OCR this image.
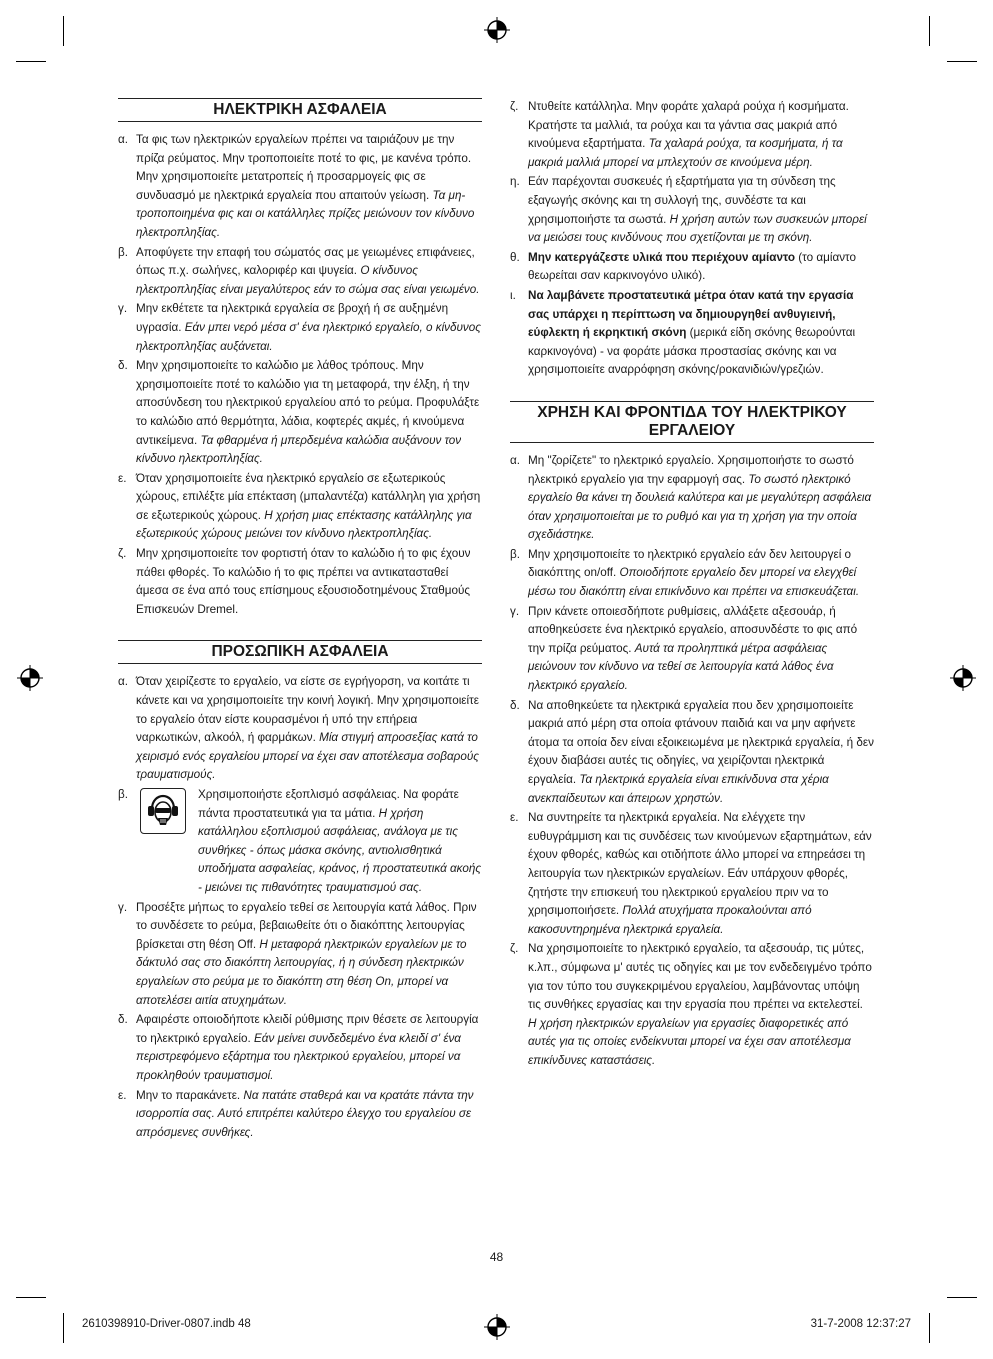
ΗΛΕΚΤΡΙΚΗ ΑΣΦΑΛΕΙΑ
α. Τα φις των ηλεκτρικών εργαλείων πρέπει να ταιριάζουν με την πρίζα ρεύματος. Μην τροποποιείτε ποτέ το φις, με κανένα τρόπο. Μην χρησιμοποιείτε μετατροπείς ή προσαρμογείς φις σε συνδυασμό με ηλεκτρικά εργαλεία που απαιτούν γείωση. Τα μη-τροποποιημένα φις και οι κατάλληλες πρίζες μειώνουν τον κίνδυνο ηλεκτροπληξίας.
β. Αποφύγετε την επαφή του σώματός σας με γειωμένες επιφάνειες, όπως π.χ. σωλήνες, καλοριφέρ και ψυγεία. Ο κίνδυνος ηλεκτροπληξίας είναι μεγαλύτερος εάν το σώμα σας είναι γειωμένο.
γ. Μην εκθέτετε τα ηλεκτρικά εργαλεία σε βροχή ή σε αυξημένη υγρασία. Εάν μπει νερό μέσα σ' ένα ηλεκτρικό εργαλείο, ο κίνδυνος ηλεκτροπληξίας αυξάνεται.
δ. Μην χρησιμοποιείτε το καλώδιο με λάθος τρόπους. Μην χρησιμοποιείτε ποτέ το καλώδιο για τη μεταφορά, την έλξη, ή την αποσύνδεση του ηλεκτρικού εργαλείου από το ρεύμα. Προφυλάξτε το καλώδιο από θερμότητα, λάδια, κοφτερές ακμές, ή κινούμενα αντικείμενα. Τα φθαρμένα ή μπερδεμένα καλώδια αυξάνουν τον κίνδυνο ηλεκτροπληξίας.
ε. Όταν χρησιμοποιείτε ένα ηλεκτρικό εργαλείο σε εξωτερικούς χώρους, επιλέξτε μία επέκταση (μπαλαντέζα) κατάλληλη για χρήση σε εξωτερικούς χώρους. Η χρήση μιας επέκτασης κατάλληλης για εξωτερικούς χώρους μειώνει τον κίνδυνο ηλεκτροπληξίας.
ζ. Μην χρησιμοποιείτε τον φορτιστή όταν το καλώδιο ή το φις έχουν πάθει φθορές. Το καλώδιο ή το φις πρέπει να αντικατασταθεί άμεσα σε ένα από τους επίσημους εξουσιοδοτημένους Σταθμούς Επισκευών Dremel.
ΠΡΟΣΩΠΙΚΗ ΑΣΦΑΛΕΙΑ
α. Όταν χειρίζεστε το εργαλείο, να είστε σε εγρήγορση, να κοιτάτε τι κάνετε και να χρησιμοποιείτε την κοινή λογική. Μην χρησιμοποιείτε το εργαλείο όταν είστε κουρασμένοι ή υπό την επήρεια ναρκωτικών, αλκοόλ, ή φαρμάκων. Μία στιγμή απροσεξίας κατά το χειρισμό ενός εργαλείου μπορεί να έχει σαν αποτέλεσμα σοβαρούς τραυματισμούς.
β.	Χρησιμοποιήστε εξοπλισμό ασφάλειας. Να φοράτε πάντα προστατευτικά για τα μάτια. Η χρήση κατάλληλου εξοπλισμού ασφάλειας, ανάλογα με τις συνθήκες - όπως μάσκα σκόνης, αντιολισθητικά υποδήματα ασφαλείας, κράνος, ή προστατευτικά ακοής - μειώνει τις πιθανότητες τραυματισμού σας.
γ. Προσέξτε μήπως το εργαλείο τεθεί σε λειτουργία κατά λάθος. Πριν το συνδέσετε το ρεύμα, βεβαιωθείτε ότι ο διακόπτης λειτουργίας βρίσκεται στη θέση Off. Η μεταφορά ηλεκτρικών εργαλείων με το δάκτυλό σας στο διακόπτη λειτουργίας, ή η σύνδεση ηλεκτρικών εργαλείων στο ρεύμα με το διακόπτη στη θέση On, μπορεί να αποτελέσει αιτία ατυχημάτων.
δ. Αφαιρέστε οποιοδήποτε κλειδί ρύθμισης πριν θέσετε σε λειτουργία το ηλεκτρικό εργαλείο. Εάν μείνει συνδεδεμένο ένα κλειδί σ' ένα περιστρεφόμενο εξάρτημα του ηλεκτρικού εργαλείου, μπορεί να προκληθούν τραυματισμοί.
ε. Μην το παρακάνετε. Να πατάτε σταθερά και να κρατάτε πάντα την ισορροπία σας. Αυτό επιτρέπει καλύτερο έλεγχο του εργαλείου σε απρόσμενες συνθήκες.
ζ. Ντυθείτε κατάλληλα. Μην φοράτε χαλαρά ρούχα ή κοσμήματα. Κρατήστε τα μαλλιά, τα ρούχα και τα γάντια σας μακριά από κινούμενα εξαρτήματα. Τα χαλαρά ρούχα, τα κοσμήματα, ή τα μακριά μαλλιά μπορεί να μπλεχτούν σε κινούμενα μέρη.
η. Εάν παρέχονται συσκευές ή εξαρτήματα για τη σύνδεση της εξαγωγής σκόνης και τη συλλογή της, συνδέστε τα και χρησιμοποιήστε τα σωστά. Η χρήση αυτών των συσκευών μπορεί να μειώσει τους κινδύνους που σχετίζονται με τη σκόνη.
θ. Μην κατεργάζεστε υλικά που περιέχουν αμίαντο (το αμίαντο θεωρείται σαν καρκινογόνο υλικό).
ι.	Να λαμβάνετε προστατευτικά μέτρα όταν κατά την εργασία σας υπάρχει η περίπτωση να δημιουργηθεί ανθυγιεινή, εύφλεκτη ή εκρηκτική σκόνη (μερικά είδη σκόνης θεωρούνται καρκινογόνα) - να φοράτε μάσκα προστασίας σκόνης και να χρησιμοποιείτε αναρρόφηση σκόνης/ροκανιδιών/γρεζιών.
ΧΡΗΣΗ ΚΑΙ ΦΡΟΝΤΙΔΑ ΤΟΥ ΗΛΕΚΤΡΙΚΟΥ
ΕΡΓΑΛΕΙΟΥ
α. Μη "ζορίζετε" το ηλεκτρικό εργαλείο. Χρησιμοποιήστε το σωστό ηλεκτρικό εργαλείο για την εφαρμογή σας. Το σωστό ηλεκτρικό εργαλείο θα κάνει τη δουλειά καλύτερα και με μεγαλύτερη ασφάλεια όταν χρησιμοποιείται με το ρυθμό και για τη χρήση για την οποία σχεδιάστηκε.
β. Μην χρησιμοποιείτε το ηλεκτρικό εργαλείο εάν δεν λειτουργεί ο διακόπτης on/off. Οποιοδήποτε εργαλείο δεν μπορεί να ελεγχθεί μέσω του διακόπτη είναι επικίνδυνο και πρέπει να επισκευάζεται.
γ. Πριν κάνετε οποιεσδήποτε ρυθμίσεις, αλλάξετε αξεσουάρ, ή αποθηκεύσετε ένα ηλεκτρικό εργαλείο, αποσυνδέστε το φις από την πρίζα ρεύματος. Αυτά τα προληπτικά μέτρα ασφάλειας μειώνουν τον κίνδυνο να τεθεί σε λειτουργία κατά λάθος ένα ηλεκτρικό εργαλείο.
δ. Να αποθηκεύετε τα ηλεκτρικά εργαλεία που δεν χρησιμοποιείτε μακριά από μέρη στα οποία φτάνουν παιδιά και να μην αφήνετε άτομα τα οποία δεν είναι εξοικειωμένα με ηλεκτρικά εργαλεία, ή δεν έχουν διαβάσει αυτές τις οδηγίες, να χειρίζονται ηλεκτρικά εργαλεία. Τα ηλεκτρικά εργαλεία είναι επικίνδυνα στα χέρια ανεκπαίδευτων και άπειρων χρηστών.
ε. Να συντηρείτε τα ηλεκτρικά εργαλεία. Να ελέγχετε την ευθυγράμμιση και τις συνδέσεις των κινούμενων εξαρτημάτων, εάν έχουν φθορές, καθώς και οτιδήποτε άλλο μπορεί να επηρεάσει τη λειτουργία των ηλεκτρικών εργαλείων. Εάν υπάρχουν φθορές, ζητήστε την επισκευή του ηλεκτρικού εργαλείου πριν να το χρησιμοποιήσετε. Πολλά ατυχήματα προκαλούνται από κακοσυντηρημένα ηλεκτρικά εργαλεία.
ζ. Να χρησιμοποιείτε το ηλεκτρικό εργαλείο, τα αξεσουάρ, τις μύτες, κ.λπ., σύμφωνα μ' αυτές τις οδηγίες και με τον ενδεδειγμένο τρόπο για τον τύπο του συγκεκριμένου εργαλείου, λαμβάνοντας υπόψη τις συνθήκες εργασίας και την εργασία που πρέπει να εκτελεστεί. Η χρήση ηλεκτρικών εργαλείων για εργασίες διαφορετικές από αυτές για τις οποίες ενδείκνυται μπορεί να έχει σαν αποτέλεσμα επικίνδυνες καταστάσεις.
48
2610398910-Driver-0807.indb 48	31-7-2008 12:37:27
